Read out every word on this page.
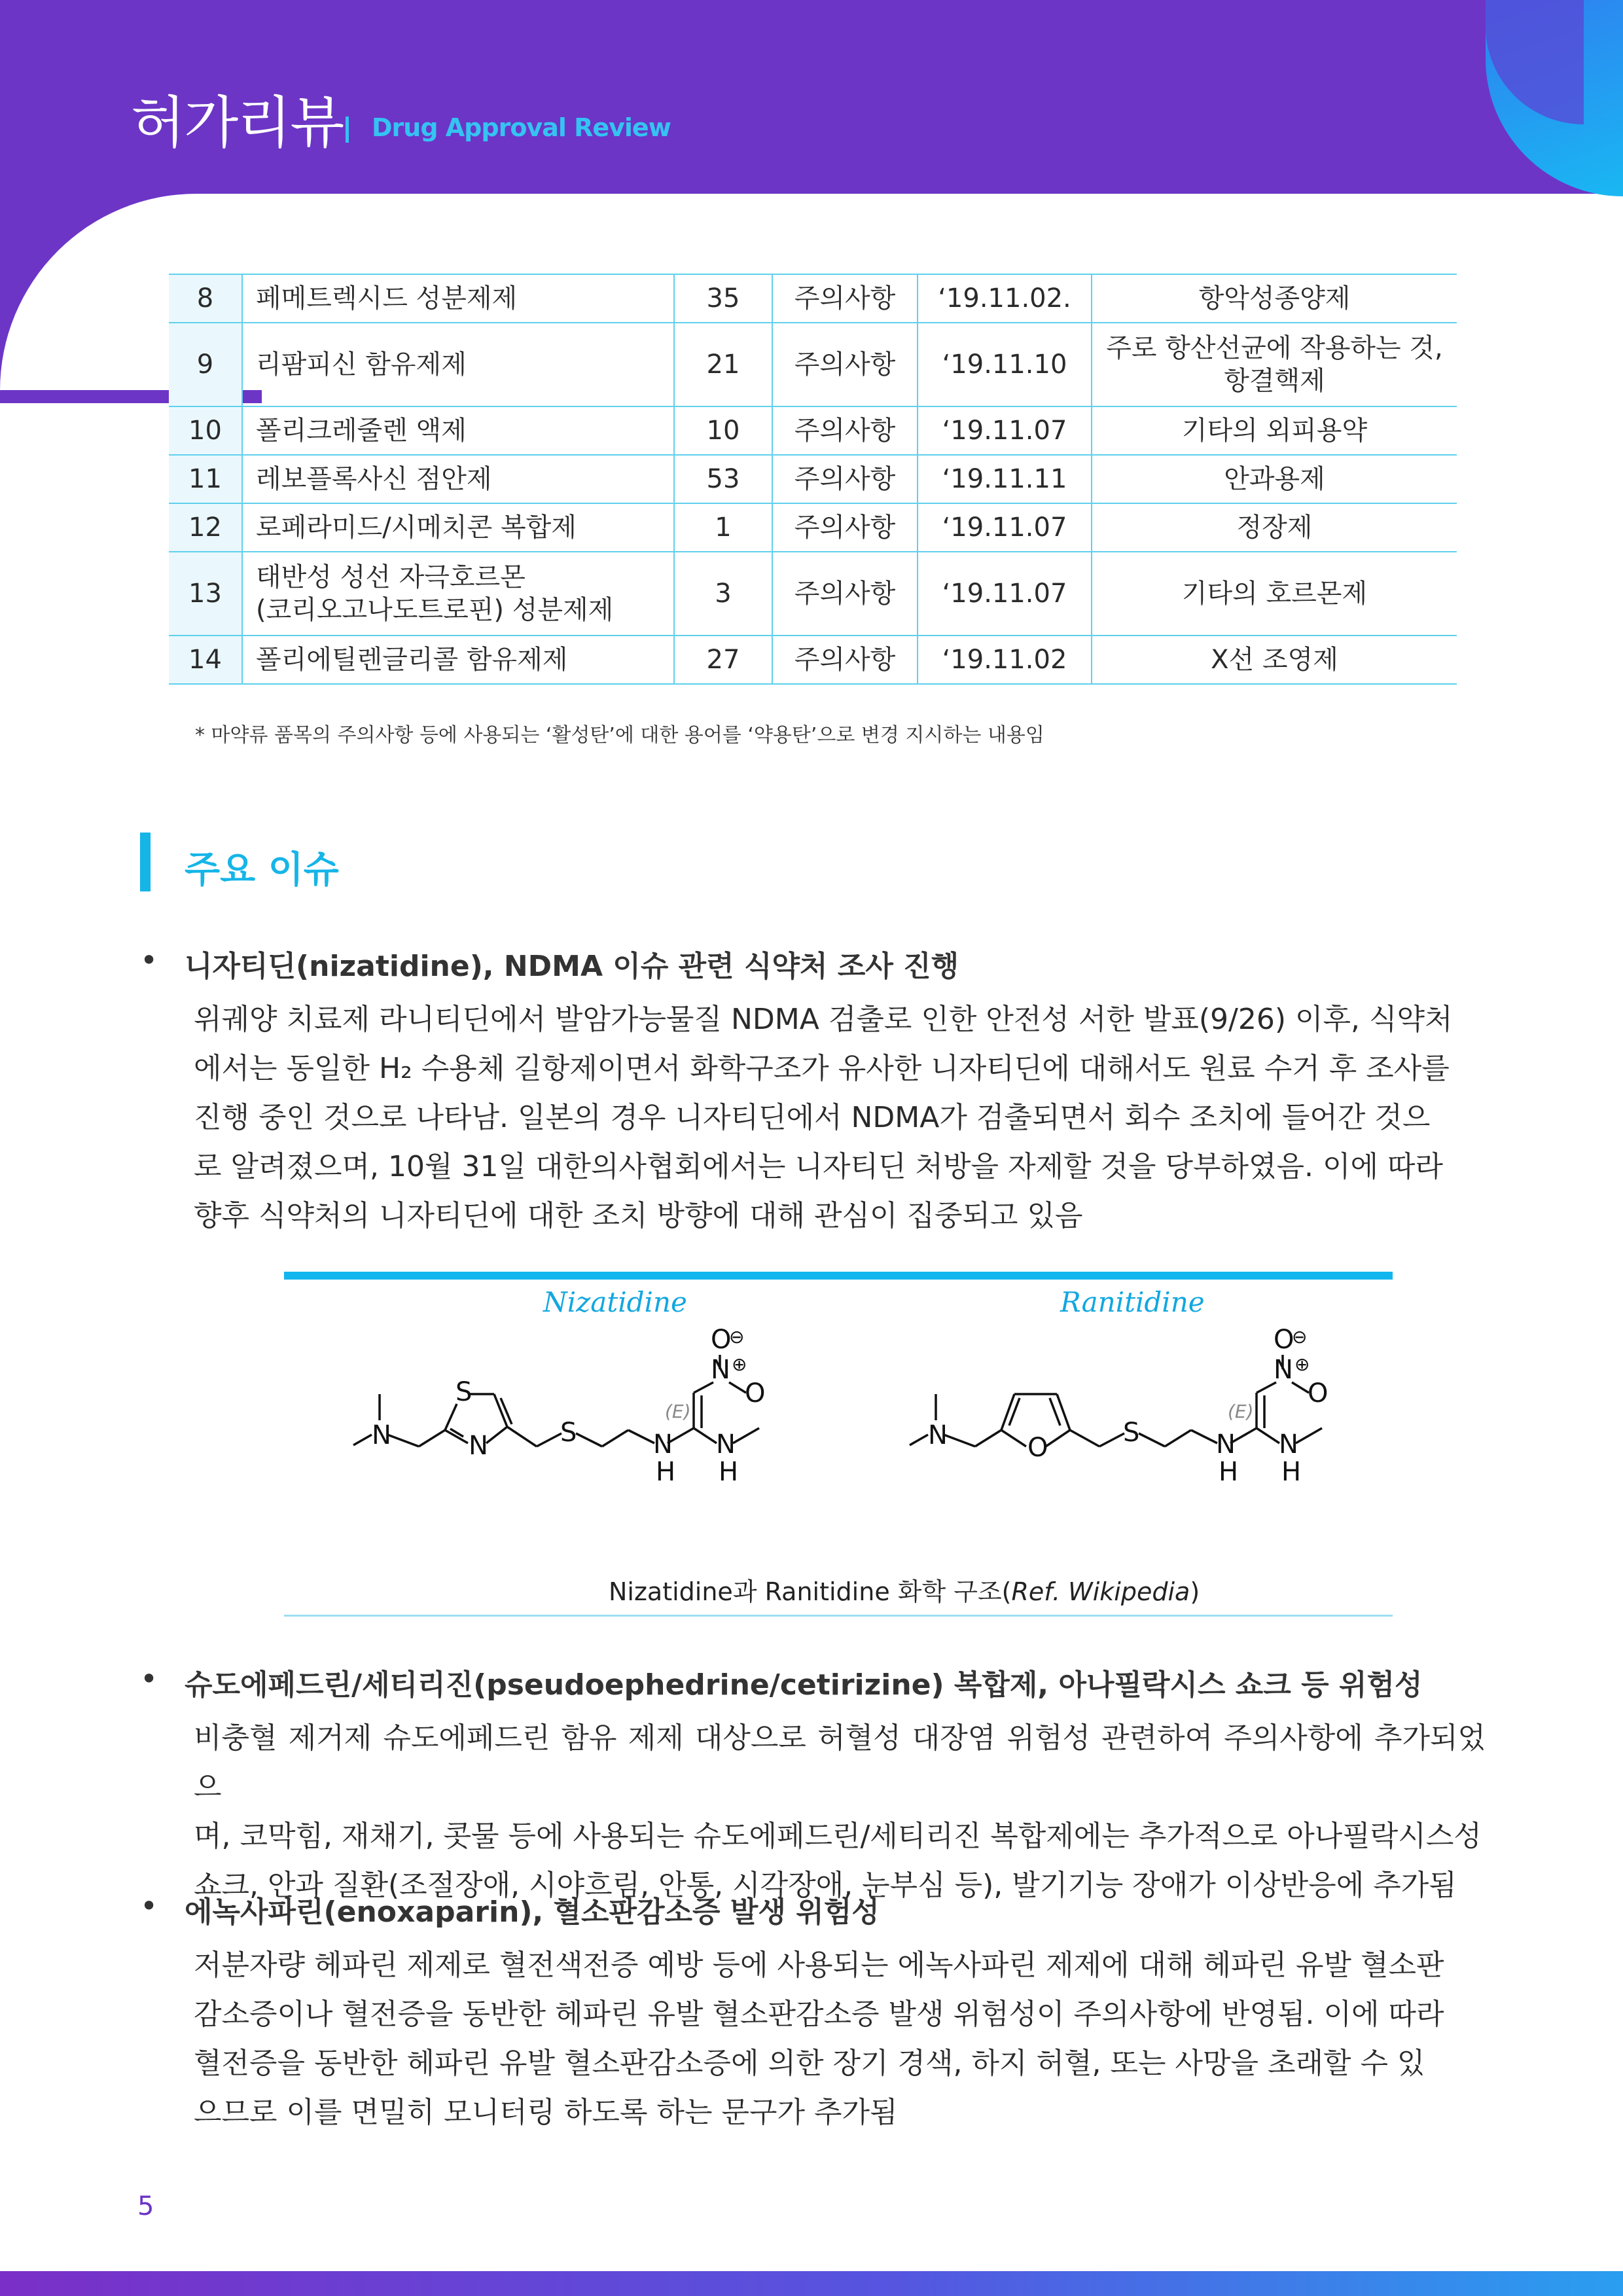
허가리뷰 Drug Approval Review
8	페메트렉시드 성분제제	35	주의사항	‘19.11.02.	항악성종양제

9	리팜피신 함유제제	21	주의사항	‘19.11.10	주로 항산선균에 작용하는 것,
항결핵제

10	폴리크레줄렌 액제	10	주의사항	‘19.11.07	기타의 외피용약

11	레보플록사신 점안제	53	주의사항	‘19.11.11	안과용제

12	로페라미드/시메치콘 복합제	1	주의사항	‘19.11.07	정장제

13	태반성 성선 자극호르몬
(코리오고나도트로핀) 성분제제	3	주의사항	‘19.11.07	기타의 호르몬제

14	폴리에틸렌글리콜 함유제제	27	주의사항	‘19.11.02	X선 조영제
* 마약류 품목의 주의사항 등에 사용되는 ‘활성탄’에 대한 용어를 ‘약용탄’으로 변경 지시하는 내용임
주요 이슈
• 니자티딘(nizatidine), NDMA 이슈 관련 식약처 조사 진행
위궤양 치료제 라니티딘에서 발암가능물질 NDMA 검출로 인한 안전성 서한 발표(9/26) 이후, 식약처
에서는 동일한 H₂ 수용체 길항제이면서 화학구조가 유사한 니자티딘에 대해서도 원료 수거 후 조사를
진행 중인 것으로 나타남. 일본의 경우 니자티딘에서 NDMA가 검출되면서 회수 조치에 들어간 것으
로 알려졌으며, 10월 31일 대한의사협회에서는 니자티딘 처방을 자제할 것을 당부하였음. 이에 따라
향후 식약처의 니자티딘에 대한 조치 방향에 대해 관심이 집중되고 있음
Nizatidine	Ranitidine
N
S
N	S	N
H
N
H
N
O
O
(E)
⊕
⊖
N	O	S	N
H
N
H
N
O
O
(E)
⊕
⊖
Nizatidine과 Ranitidine 화학 구조(Ref. Wikipedia)
• 슈도에페드린/세티리진(pseudoephedrine/cetirizine) 복합제, 아나필락시스 쇼크 등 위험성
비충혈 제거제 슈도에페드린 함유 제제 대상으로 허혈성 대장염 위험성 관련하여 주의사항에 추가되었으
며, 코막힘, 재채기, 콧물 등에 사용되는 슈도에페드린/세티리진 복합제에는 추가적으로 아나필락시스성
쇼크, 안과 질환(조절장애, 시야흐림, 안통, 시각장애, 눈부심 등), 발기기능 장애가 이상반응에 추가됨
• 에녹사파린(enoxaparin), 혈소판감소증 발생 위험성
저분자량 헤파린 제제로 혈전색전증 예방 등에 사용되는 에녹사파린 제제에 대해 헤파린 유발 혈소판
감소증이나 혈전증을 동반한 헤파린 유발 혈소판감소증 발생 위험성이 주의사항에 반영됨. 이에 따라
혈전증을 동반한 헤파린 유발 혈소판감소증에 의한 장기 경색, 하지 허혈, 또는 사망을 초래할 수 있
으므로 이를 면밀히 모니터링 하도록 하는 문구가 추가됨
5
